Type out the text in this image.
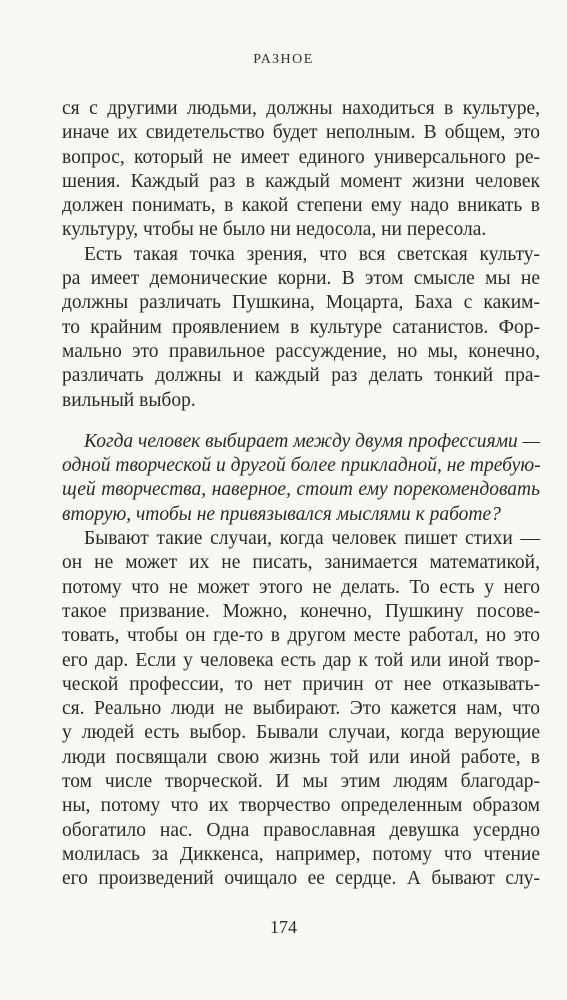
РАЗНОЕ
ся с другими людьми, должны находиться в культуре,
иначе их свидетельство будет неполным. В общем, это
вопрос, который не имеет единого универсального ре-
шения. Каждый раз в каждый момент жизни человек
должен понимать, в какой степени ему надо вникать в
культуру, чтобы не было ни недосола, ни пересола.
Есть такая точка зрения, что вся светская культу-
ра имеет демонические корни. В этом смысле мы не
должны различать Пушкина, Моцарта, Баха с каким-
то крайним проявлением в культуре сатанистов. Фор-
мально это правильное рассуждение, но мы, конечно,
различать должны и каждый раз делать тонкий пра-
вильный выбор.
Когда человек выбирает между двумя профессиями —
одной творческой и другой более прикладной, не требую-
щей творчества, наверное, стоит ему порекомендовать
вторую, чтобы не привязывался мыслями к работе?
Бывают такие случаи, когда человек пишет стихи —
он не может их не писать, занимается математикой,
потому что не может этого не делать. То есть у него
такое призвание. Можно, конечно, Пушкину посове-
товать, чтобы он где-то в другом месте работал, но это
его дар. Если у человека есть дар к той или иной твор-
ческой профессии, то нет причин от нее отказывать-
ся. Реально люди не выбирают. Это кажется нам, что
у людей есть выбор. Бывали случаи, когда верующие
люди посвящали свою жизнь той или иной работе, в
том числе творческой. И мы этим людям благодар-
ны, потому что их творчество определенным образом
обогатило нас. Одна православная девушка усердно
молилась за Диккенса, например, потому что чтение
его произведений очищало ее сердце. А бывают слу-
174
